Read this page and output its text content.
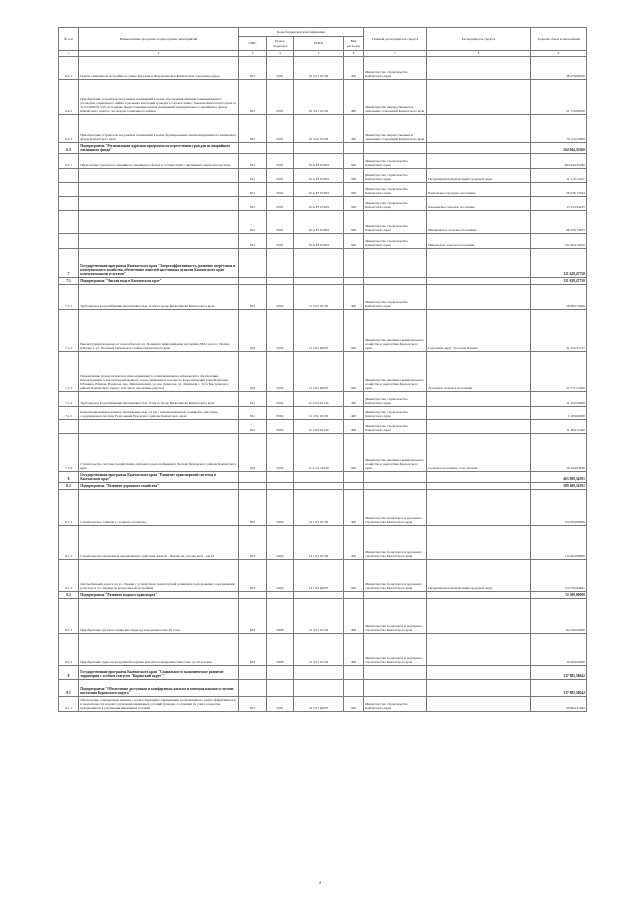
№ п/п	Наименование программ, подпрограмм, мероприятий	Коды бюджетной классификации				Главный распорядитель средств	Распорядитель средств	Годовой объем ассигнований
		ГРБС	Раздел, подраздел	КЦСР	Вид расходов			
1	2	3	4	5	6	7	8	9
6.4.1	Группа смешанной застройки по улице Кутузова в Петропавловск-Камчатском городском округе	812	0501	10 3 01 10130	400	Министерство строительства Камчатского края		38 276,98100
6.4.2	Приобретение (строительство) жилых помещений в целях обеспечения жилыми помещениями по договорам социального найма отдельных категорий граждан в соответствии с Законом Камчатского края от 31.03.2009 № 233 «О порядке предоставления жилых помещений муниципального жилищного фонда Камчатского края по договорам социального найма»	822	0501	10 3 01 10130	400	Министерство имущественных и земельных отношений Камчатского края		51 710,98100
6.4.3	Приобретение (строительство) жилых помещений в целях формирования специализированного жилищного фонда Камчатского края	822	0501	10 3 04 10130	400	Министерство имущественных и земельных отношений Камчатского края		70 112,23000
6.5	Подпрограмма "Региональная адресная программа по переселению граждан из аварийного жилищного фонда"							264 944,35260
6.5.1	Переселение граждан из аварийного жилищного фонда в соответствии с жилищным законодательством	812	0501	10 А F3 67484	500	Министерство строительства Камчатского края		264 944,35260
		812	0501	10 А F3 67484	500	Министерство строительства Камчатского края	Петропавловск-Камчатский городской округ	11 710,72167
		812	0501	10 А F3 67484	500	Министерство строительства Камчатского края	Елизовское городское поселение	56 036,17944
		812	0501	10 А F3 67484	500	Министерство строительства Камчатского края	Ключевское сельское поселение	15 233,94435
		812	0501	10 А F3 67484	500	Министерство строительства Камчатского края	Мильковское сельское поселение	46 558,74675
		812	0501	10 А F3 67484	500	Министерство строительства Камчатского края	Никольское сельское поселение	135 404,74910
7	Государственная программа Камчатского края "Энергоэффективность, развитие энергетики и коммунального хозяйства, обеспечение жителей населенных пунктов Камчатского края коммунальными услугами"							121 628,47750
7.1	Подпрограмма "Чистая вода в Камчатском крае"							121 628,47750
7.1.1	Трубопровод водоснабжения протяженностью 12 км в городе Вилючинске Камчатского края	812	0502	11 2 02 10130	400	Министерство строительства Камчатского края		26 682,75600
7.1.2	Реконструкция водовода от водозабора по ул. Полевая к микрорайонам застройки ДМ-1 на пос. Палана (Палана 1, ул. Полевая) Тигильского района Камчатского края	810	0502	11 2 02 40070	500	Министерство жилищно-коммунального хозяйства и энергетики Камчатского края	Городской округ "поселок Палана"	31 352,47137
7.1.3	Подключение (технологическое присоединение) к сетям инженерно-технического обеспечения. Реконструкция сетей централизованного теплоснабжения и холодного водоснабжения улиц Береговая, Штанина, Южная, Вазирова, пер. Механический, ул. им. Девятова, ул. Лиричная с. Эссо Быстринского района Камчатского края (с том числе проектные работы)	810	0502	11 2 02 40070	500	Министерство жилищно-коммунального хозяйства и энергетики Камчатского края	Эссовское сельское поселение	25 771,21000
7.1.4	Трубопровод водоснабжения протяженностью 12 км в городе Вилючинске Камчатского края	812	0502	11 2 02 R1130	400	Министерство строительства Камчатского края		11 432,26200
7.1.5	Канализационный коллектор протяженностью 1,2 км с канализационной станцией и очистным сооружением в поселке Раздольный Ерзовского района Камчатского края	812	0502	11 2 02 10130	400	Министерство строительства Камчатского края		1 260,00000
		812	0502	11 2 02 R1130	400	Министерство строительства Камчатского края		11 494,15300
7.1.6	Строительство системы хозяйственно-питьевого водоснабжения в Лесной Тигильского района Камчатского края	810	0502	11 2 G5 52430	500	Министерство жилищно-коммунального хозяйства и энергетики Камчатского края	Сельское поселение "село Лесная"	10 234,03638
8	Государственная программа Камчатского края "Развитие транспортной системы в Камчатском крае"							463 908,34591
8.1	Подпрограмма "Развитие дорожного хозяйства"							389 408,34591
8.1.1	Строительство тоннеля у стадиона «Спартак»	833	0409	12 1 03 10130	400	Министерство транспорта и дорожного строительства Камчатского края		122 000,00000
8.1.2	Строительство автомобиля продавленного действия Авачой - Палана на участке км 0 - км 16	833	0409	12 1 03 10130	400	Министерство транспорта и дорожного строительства Камчатского края		112 602,69900
8.1.3	Автомобильная дорога по ул. Ларина с устройством транспортной развязки и подходовыми сооружениями (участок от ул. Ларина до конца жилой застройки)	833	0409	12 1 04 40070	500	Министерство транспорта и дорожного строительства Камчатского края	Петропавловск-Камчатский городской округ	154 795,64691
8.2	Подпрограмма "Развитие водного транспорта"							74 500,00000
8.2.1	Приобретение грузопассажирских барж грузоподъемностью 40 тонн	833	0408	12 3 01 10130	400	Министерство транспорта и дорожного строительства Камчатского края		64 500,00000
8.2.2	Приобретение судна на воздушной подушке малой пассажировместимостью до 20 человек	833	0408	12 3 01 10130	400	Министерство транспорта и дорожного строительства Камчатского края		10 000,00000
9	Государственная программа Камчатского края "Социальное и экономическое развитие территории с особым статусом "Корякский округ""							137 885,58642
9.1	Подпрограмма "Обеспечение доступным и комфортным жильем и коммунальными услугами населения Корякского округа"							137 885,58642
9.1.1	Обеспечение стандартным жильем, соответствующим современным требованиям по энергоэффективности и экологичности в целях улучшения жилищных условий граждан, состоящих на учете в качестве нуждающихся в улучшении жилищных условий	812	0501	22 3 01 40070	500	Министерство строительства Камчатского края		90 864,31662
2
